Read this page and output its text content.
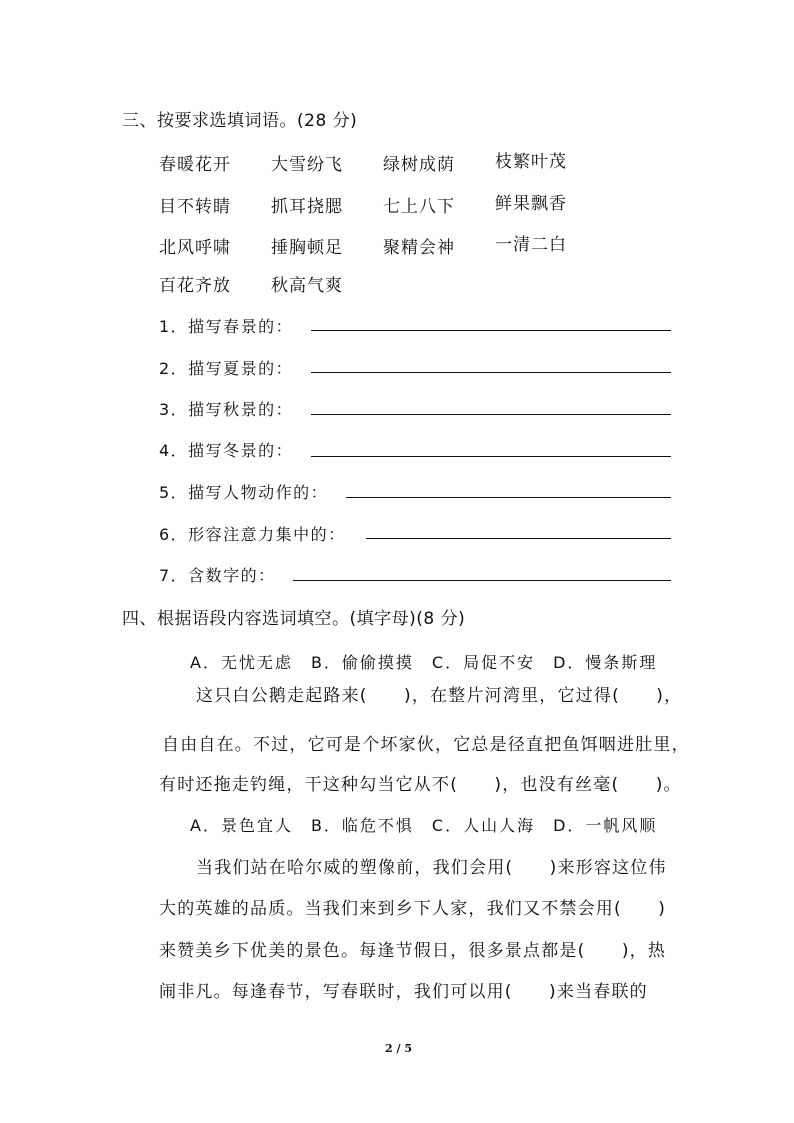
三、按要求选填词语。(28 分)
春暖花开 大雪纷飞 绿树成荫 枝繁叶茂
目不转睛 抓耳挠腮 七上八下 鲜果飘香
北风呼啸 捶胸顿足 聚精会神 一清二白
百花齐放 秋高气爽
1．描写春景的：
2．描写夏景的：
3．描写秋景的：
4．描写冬景的：
5．描写人物动作的：
6．形容注意力集中的：
7．含数字的：
四、根据语段内容选词填空。(填字母)(8 分)
A．无忧无虑　B．偷偷摸摸　C．局促不安　D．慢条斯理
这只白公鹅走起路来(　　)，在整片河湾里，它过得(　　)，
自由自在。不过，它可是个坏家伙，它总是径直把鱼饵咽进肚里，
有时还拖走钓绳，干这种勾当它从不(　　)，也没有丝毫(　　)。
A．景色宜人　B．临危不惧　C．人山人海　D．一帆风顺
当我们站在哈尔威的塑像前，我们会用(　　)来形容这位伟
大的英雄的品质。当我们来到乡下人家，我们又不禁会用(　　)
来赞美乡下优美的景色。每逢节假日，很多景点都是(　　)，热
闹非凡。每逢春节，写春联时，我们可以用(　　)来当春联的
2 / 5
